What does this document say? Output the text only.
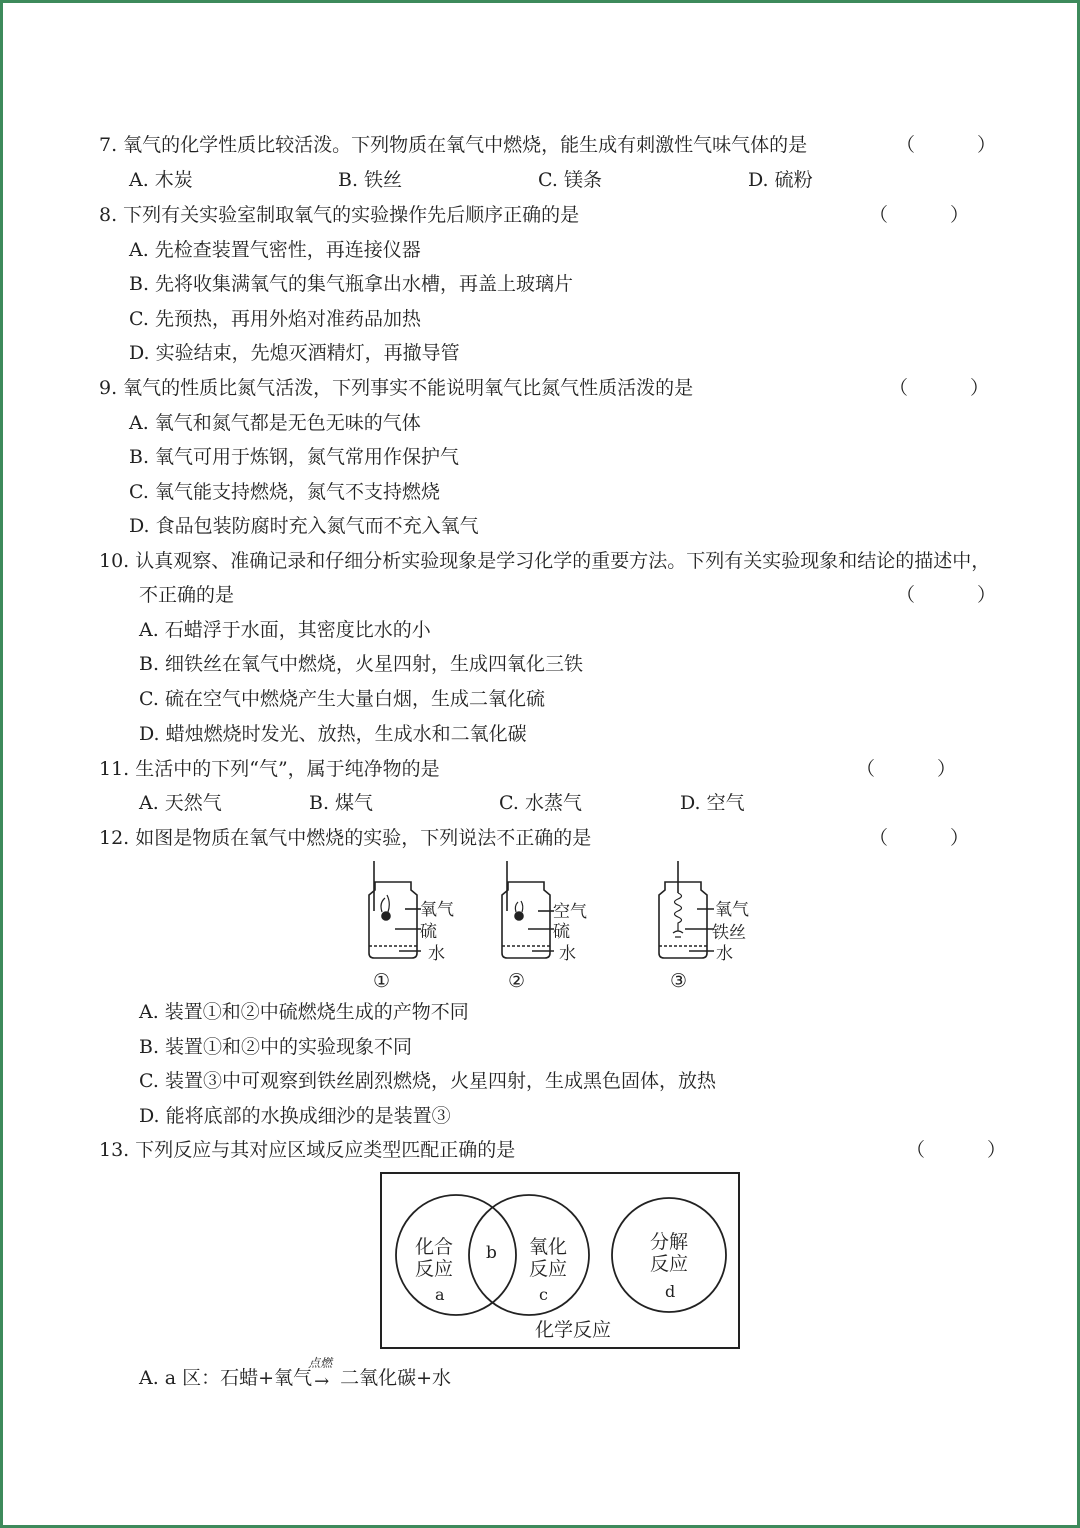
7. 氧气的化学性质比较活泼。下列物质在氧气中燃烧，能生成有刺激性气味气体的是	（ ）
A. 木炭	B. 铁丝	C. 镁条	D. 硫粉
8. 下列有关实验室制取氧气的实验操作先后顺序正确的是	（ ）
A. 先检查装置气密性，再连接仪器
B. 先将收集满氧气的集气瓶拿出水槽，再盖上玻璃片
C. 先预热，再用外焰对准药品加热
D. 实验结束，先熄灭酒精灯，再撤导管
9. 氧气的性质比氮气活泼，下列事实不能说明氧气比氮气性质活泼的是	（ ）
A. 氧气和氮气都是无色无味的气体
B. 氧气可用于炼钢，氮气常用作保护气
C. 氧气能支持燃烧，氮气不支持燃烧
D. 食品包装防腐时充入氮气而不充入氧气
10. 认真观察、准确记录和仔细分析实验现象是学习化学的重要方法。下列有关实验现象和结论的描述中，
不正确的是	（ ）
A. 石蜡浮于水面，其密度比水的小
B. 细铁丝在氧气中燃烧，火星四射，生成四氧化三铁
C. 硫在空气中燃烧产生大量白烟，生成二氧化硫
D. 蜡烛燃烧时发光、放热，生成水和二氧化碳
11. 生活中的下列“气”，属于纯净物的是	（ ）
A. 天然气	B. 煤气	C. 水蒸气	D. 空气
12. 如图是物质在氧气中燃烧的实验，下列说法不正确的是	（ ）
氧气
硫
水
①
空气
硫
水
②
氧气
铁丝
水
③
A. 装置①和②中硫燃烧生成的产物不同
B. 装置①和②中的实验现象不同
C. 装置③中可观察到铁丝剧烈燃烧，火星四射，生成黑色固体，放热
D. 能将底部的水换成细沙的是装置③
13. 下列反应与其对应区域反应类型匹配正确的是	（ ）
化合
反应
a
b 氧化
反应
c
分解
反应
d
化学反应
A. a 区：石蜡+氧气
点燃
→ 二氧化碳+水
